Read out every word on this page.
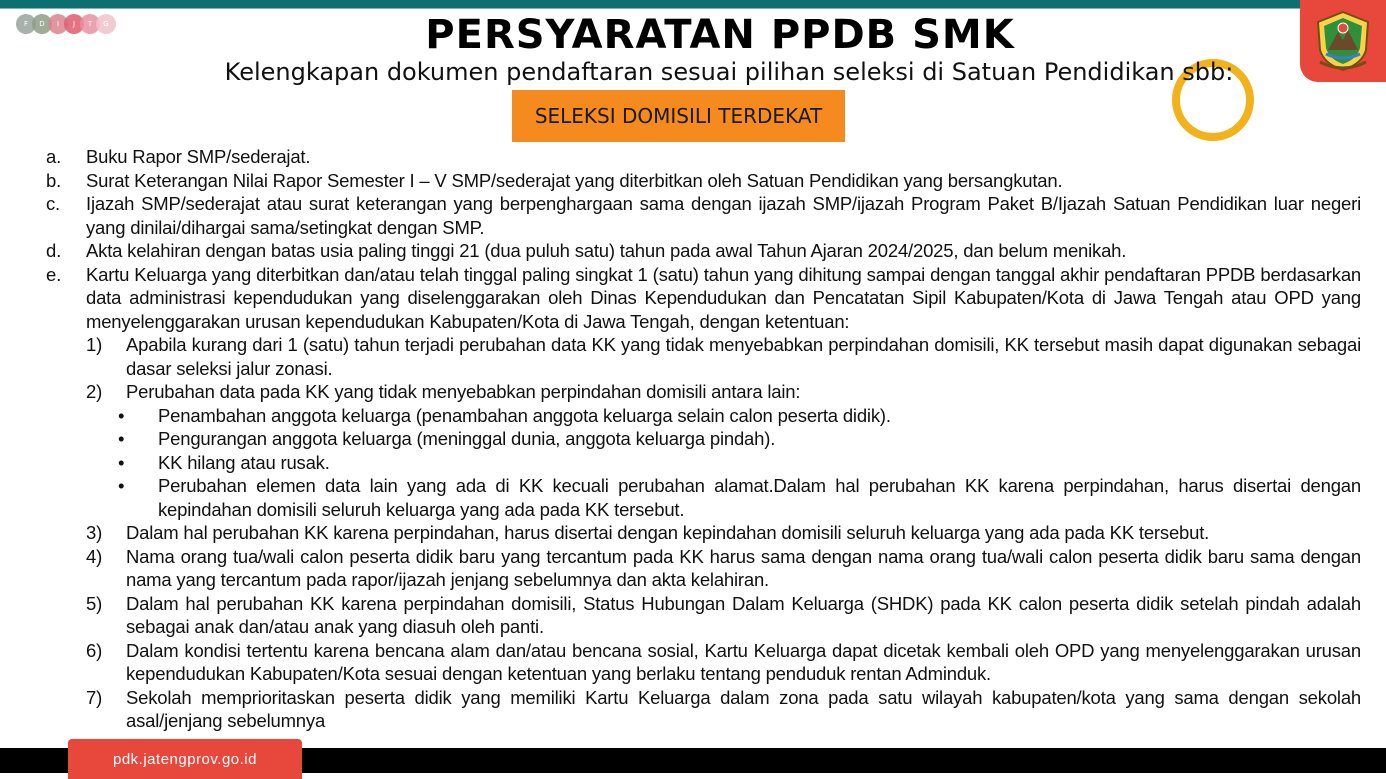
F	D	I	J	T	G	PERSYARATAN PPDB SMK
Kelengkapan dokumen pendaftaran sesuai pilihan seleksi di Satuan Pendidikan sbb:
SELEKSI DOMISILI TERDEKAT
a.	Buku Rapor SMP/sederajat.
b.	Surat Keterangan Nilai Rapor Semester I – V SMP/sederajat yang diterbitkan oleh Satuan Pendidikan yang bersangkutan.
c.	Ijazah SMP/sederajat atau surat keterangan yang berpenghargaan sama dengan ijazah SMP/ijazah Program Paket B/Ijazah Satuan Pendidikan luar negeri yang dinilai/dihargai sama/setingkat dengan SMP.
d.	Akta kelahiran dengan batas usia paling tinggi 21 (dua puluh satu) tahun pada awal Tahun Ajaran 2024/2025, dan belum menikah.
e.	Kartu Keluarga yang diterbitkan dan/atau telah tinggal paling singkat 1 (satu) tahun yang dihitung sampai dengan tanggal akhir pendaftaran PPDB berdasarkan data administrasi kependudukan yang diselenggarakan oleh Dinas Kependudukan dan Pencatatan Sipil Kabupaten/Kota di Jawa Tengah atau OPD yang menyelenggarakan urusan kependudukan Kabupaten/Kota di Jawa Tengah, dengan ketentuan:
1)	Apabila kurang dari 1 (satu) tahun terjadi perubahan data KK yang tidak menyebabkan perpindahan domisili, KK tersebut masih dapat digunakan sebagai dasar seleksi jalur zonasi.
2)	Perubahan data pada KK yang tidak menyebabkan perpindahan domisili antara lain:
•	Penambahan anggota keluarga (penambahan anggota keluarga selain calon peserta didik).
•	Pengurangan anggota keluarga (meninggal dunia, anggota keluarga pindah).
•	KK hilang atau rusak.
•	Perubahan elemen data lain yang ada di KK kecuali perubahan alamat.Dalam hal perubahan KK karena perpindahan, harus disertai dengan kepindahan domisili seluruh keluarga yang ada pada KK tersebut.
3)	Dalam hal perubahan KK karena perpindahan, harus disertai dengan kepindahan domisili seluruh keluarga yang ada pada KK tersebut.
4)	Nama orang tua/wali calon peserta didik baru yang tercantum pada KK harus sama dengan nama orang tua/wali calon peserta didik baru sama dengan nama yang tercantum pada rapor/ijazah jenjang sebelumnya dan akta kelahiran.
5)	Dalam hal perubahan KK karena perpindahan domisili, Status Hubungan Dalam Keluarga (SHDK) pada KK calon peserta didik setelah pindah adalah sebagai anak dan/atau anak yang diasuh oleh panti.
6)	Dalam kondisi tertentu karena bencana alam dan/atau bencana sosial, Kartu Keluarga dapat dicetak kembali oleh OPD yang menyelenggarakan urusan kependudukan Kabupaten/Kota sesuai dengan ketentuan yang berlaku tentang penduduk rentan Adminduk.
7)	Sekolah memprioritaskan peserta didik yang memiliki Kartu Keluarga dalam zona pada satu wilayah kabupaten/kota yang sama dengan sekolah asal/jenjang sebelumnya
pdk.jatengprov.go.id
